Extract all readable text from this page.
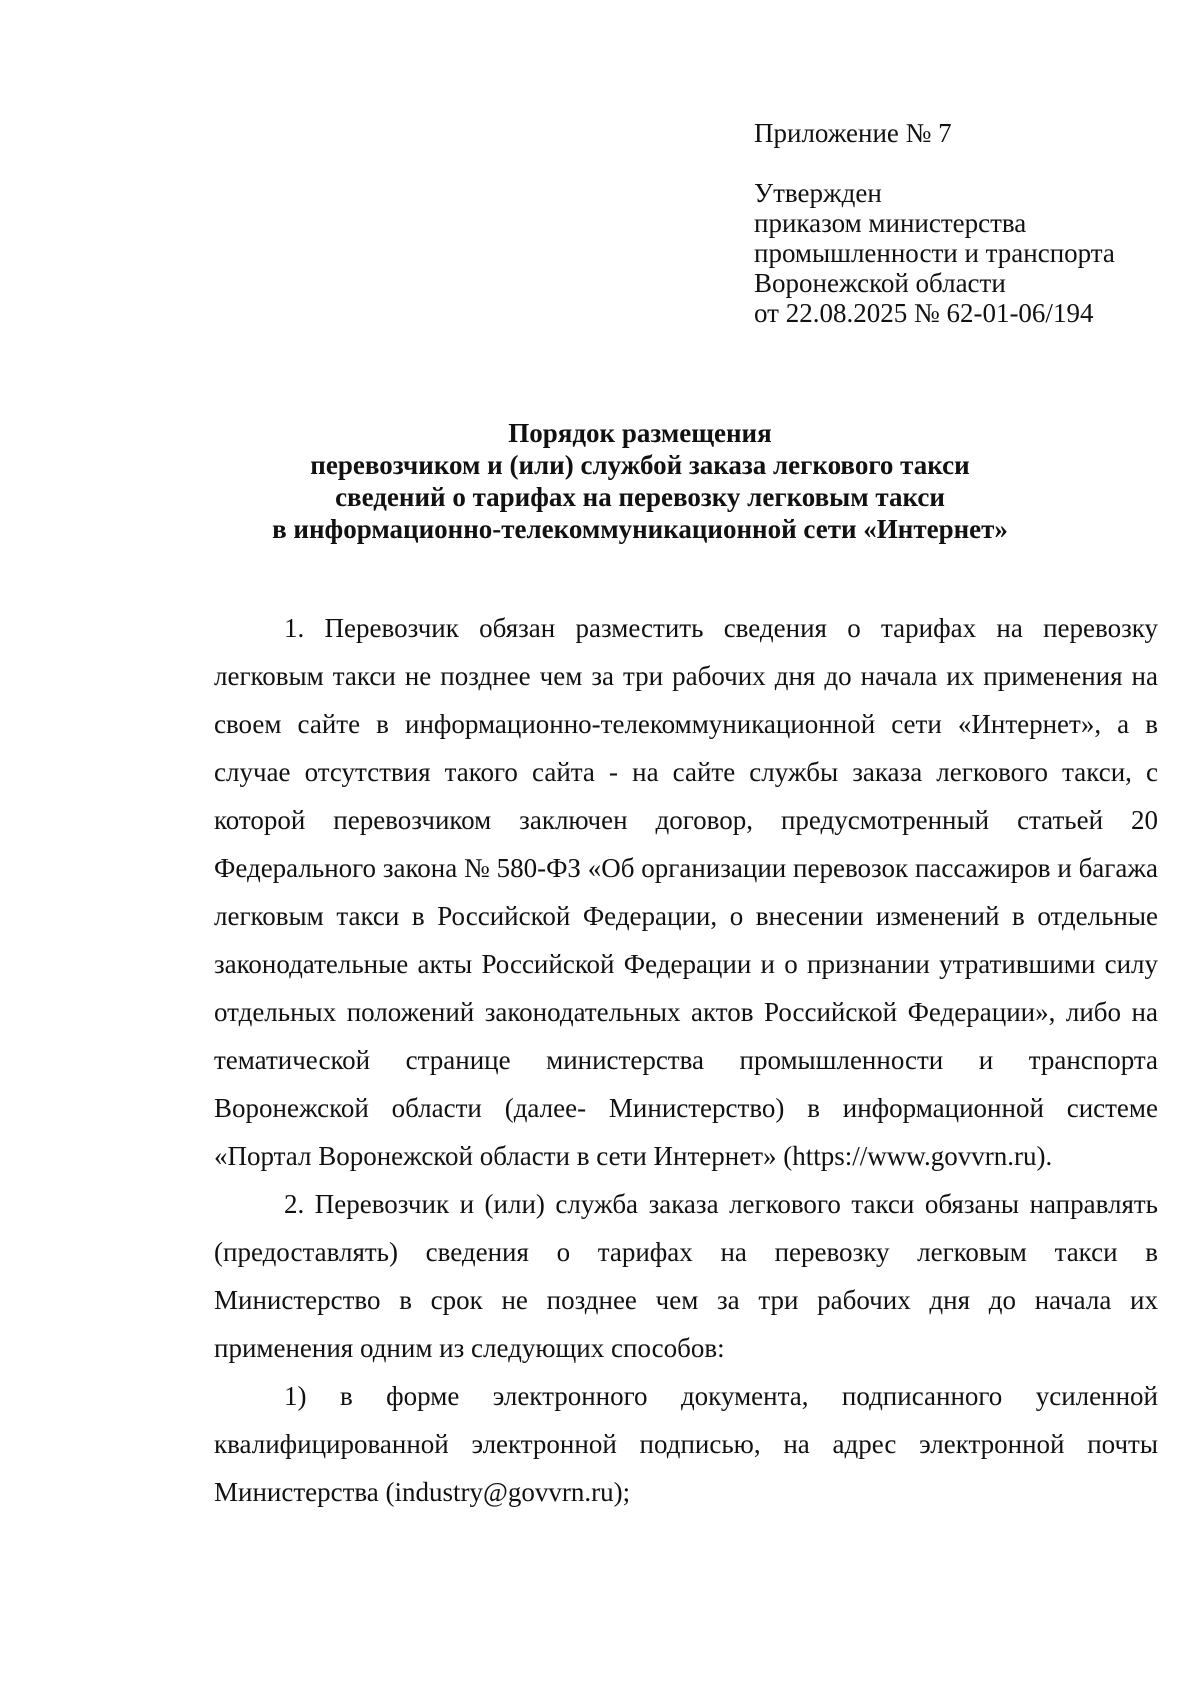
Приложение № 7
Утвержден
приказом министерства
промышленности и транспорта
Воронежской области
от 22.08.2025 № 62-01-06/194
Порядок размещения
перевозчиком и (или) службой заказа легкового такси
сведений о тарифах на перевозку легковым такси
в информационно-телекоммуникационной сети «Интернет»

1. Перевозчик обязан разместить сведения о тарифах на перевозку легковым такси не позднее чем за три рабочих дня до начала их применения на своем сайте в информационно-телекоммуникационной сети «Интернет», а в случае отсутствия такого сайта - на сайте службы заказа легкового такси, с которой перевозчиком заключен договор, предусмотренный статьей 20 Федерального закона № 580-ФЗ «Об организации перевозок пассажиров и багажа легковым такси в Российской Федерации, о внесении изменений в отдельные законодательные акты Российской Федерации и о признании утратившими силу отдельных положений законодательных актов Российской Федерации», либо на тематической странице министерства промышленности и транспорта Воронежской области (далее- Министерство) в информационной системе «Портал Воронежской области в сети Интернет» (https://www.govvrn.ru).

2. Перевозчик и (или) служба заказа легкового такси обязаны направлять (предоставлять) сведения о тарифах на перевозку легковым такси в Министерство в срок не позднее чем за три рабочих дня до начала их применения одним из следующих способов:

1) в форме электронного документа, подписанного усиленной квалифицированной электронной подписью, на адрес электронной почты Министерства (industry@govvrn.ru);
